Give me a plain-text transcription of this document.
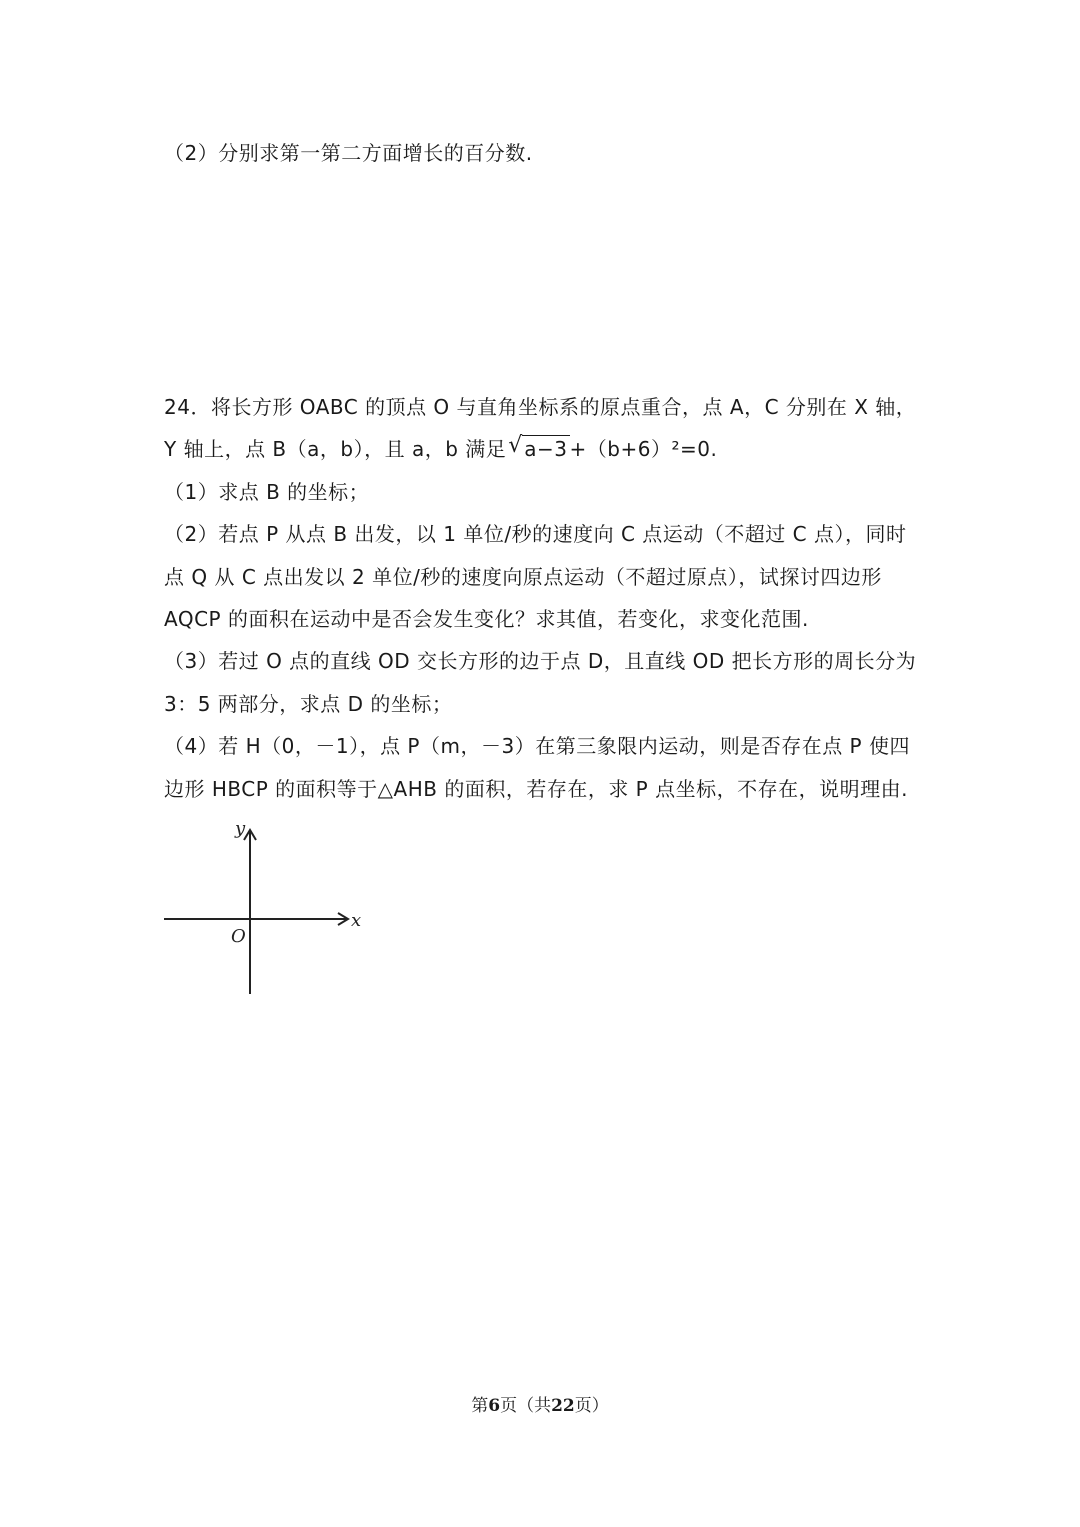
（2）分别求第一第二方面增长的百分数.
24．将长方形 OABC 的顶点 O 与直角坐标系的原点重合，点 A，C 分别在 X 轴，
Y 轴上，点 B（a，b），且 a，b 满足 √ a−3 +（b+6）²=0.
（1）求点 B 的坐标；
（2）若点 P 从点 B 出发，以 1 单位/秒的速度向 C 点运动（不超过 C 点），同时
点 Q 从 C 点出发以 2 单位/秒的速度向原点运动（不超过原点），试探讨四边形
AQCP 的面积在运动中是否会发生变化？求其值，若变化，求变化范围.
（3）若过 O 点的直线 OD 交长方形的边于点 D，且直线 OD 把长方形的周长分为
3：5 两部分，求点 D 的坐标；
（4）若 H（0，－1），点 P（m，－3）在第三象限内运动，则是否存在点 P 使四
边形 HBCP 的面积等于△AHB 的面积，若存在，求 P 点坐标，不存在，说明理由.
y
x
O
第6页（共22页）
